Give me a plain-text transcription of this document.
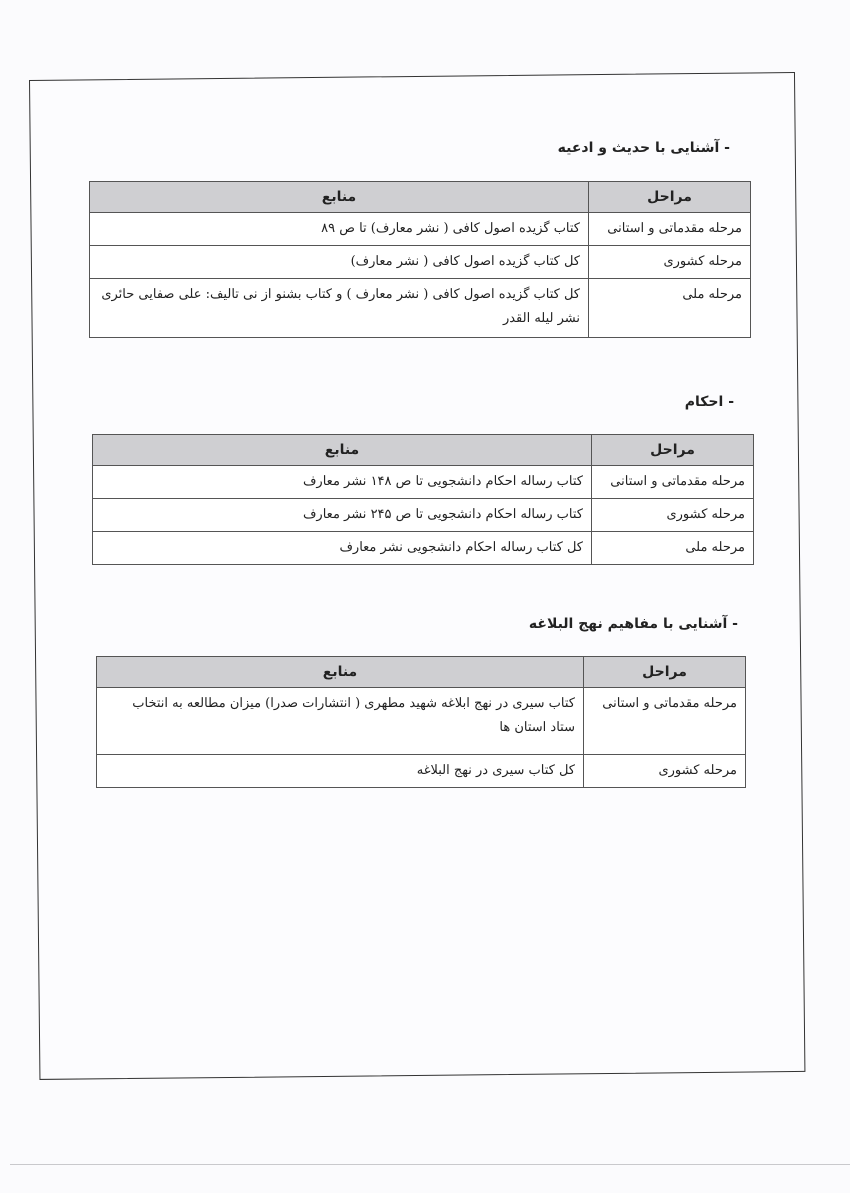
- آشنایی با حدیث و ادعیه
مراحل	منابع
مرحله مقدماتی و استانی	کتاب گزیده اصول کافی ( نشر معارف) تا ص ۸۹
مرحله کشوری	کل کتاب گزیده اصول کافی ( نشر معارف)
مرحله ملی	کل کتاب گزیده اصول کافی ( نشر معارف ) و کتاب بشنو از نی تالیف: علی صفایی حائری نشر لیله القدر
- احکام
مراحل	منابع
مرحله مقدماتی و استانی	کتاب رساله احکام دانشجویی تا ص ۱۴۸ نشر معارف
مرحله کشوری	کتاب رساله احکام دانشجویی تا ص ۲۴۵ نشر معارف
مرحله ملی	کل کتاب رساله احکام دانشجویی نشر معارف
- آشنایی با مفاهیم نهج البلاغه
مراحل	منابع
مرحله مقدماتی و استانی	کتاب سیری در نهج ابلاغه شهید مطهری ( انتشارات صدرا) میزان مطالعه به انتخاب ستاد استان ها
مرحله کشوری	کل کتاب سیری در نهج البلاغه
